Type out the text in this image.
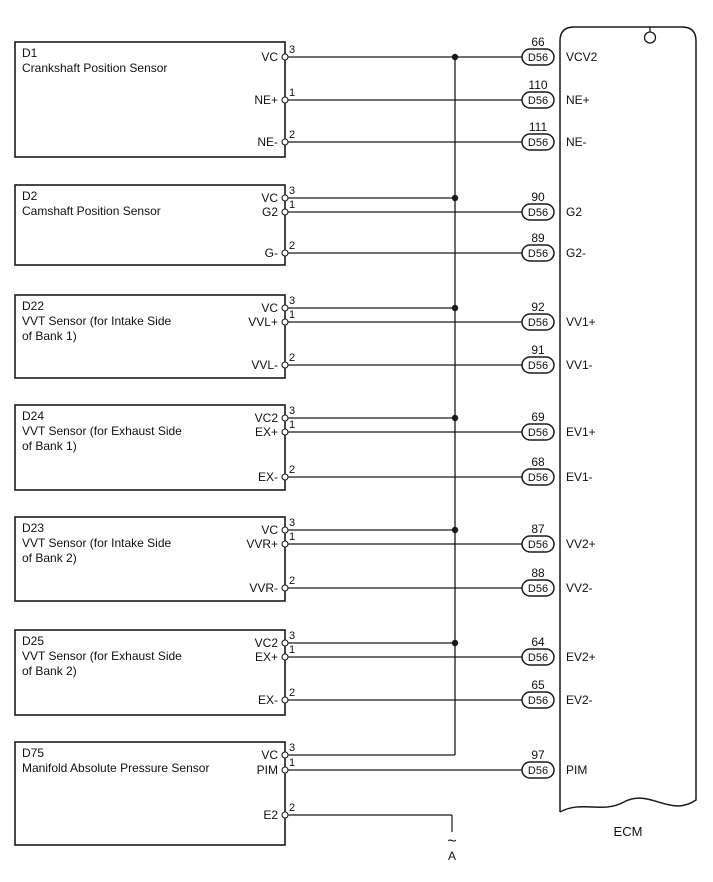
ECM
D1
Crankshaft Position Sensor
VC 3
D56
66
VCV2
NE+ 1
D56
110
NE+
NE- 2
D56
111
NE-
D2
Camshaft Position Sensor
VC 3
G2 1
D56
90
G2
G- 2
D56
89
G2-
D22
VVT Sensor (for Intake Side
of Bank 1)
VC 3
VVL+ 1
D56
92
VV1+
VVL- 2
D56
91
VV1-
D24
VVT Sensor (for Exhaust Side
of Bank 1)
VC2 3
EX+ 1
D56
69
EV1+
EX- 2
D56
68
EV1-
D23
VVT Sensor (for Intake Side
of Bank 2)
VC 3
VVR+ 1
D56
87
VV2+
VVR- 2
D56
88
VV2-
D25
VVT Sensor (for Exhaust Side
of Bank 2)
VC2 3
EX+ 1
D56
64
EV2+
EX- 2
D56
65
EV2-
D75
Manifold Absolute Pressure Sensor
VC 3
PIM 1
D56
97
PIM
E2 2
~
A
